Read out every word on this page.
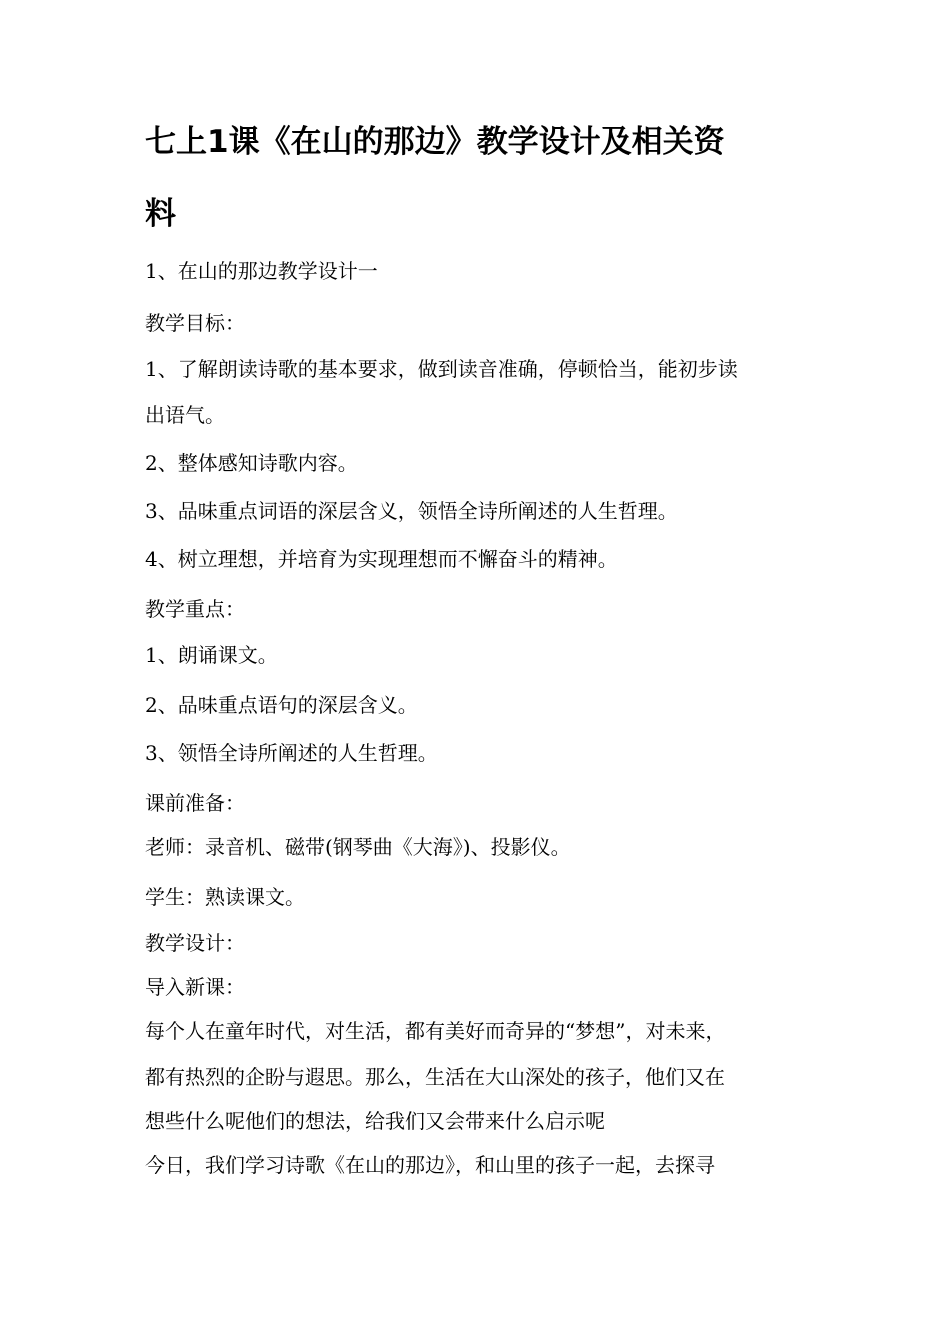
七上1课《在山的那边》教学设计及相关资
料

1、在山的那边教学设计一

教学目标：

1、了解朗读诗歌的基本要求，做到读音准确，停顿恰当，能初步读

出语气。

2、整体感知诗歌内容。

3、品味重点词语的深层含义，领悟全诗所阐述的人生哲理。

4、树立理想，并培育为实现理想而不懈奋斗的精神。

教学重点：

1、朗诵课文。

2、品味重点语句的深层含义。

3、领悟全诗所阐述的人生哲理。

课前准备：

老师：录音机、磁带(钢琴曲《大海》)、投影仪。

学生：熟读课文。

教学设计：

导入新课：

每个人在童年时代，对生活，都有美好而奇异的“梦想”，对未来，

都有热烈的企盼与遐思。那么，生活在大山深处的孩子，他们又在

想些什么呢他们的想法，给我们又会带来什么启示呢

今日，我们学习诗歌《在山的那边》，和山里的孩子一起，去探寻
